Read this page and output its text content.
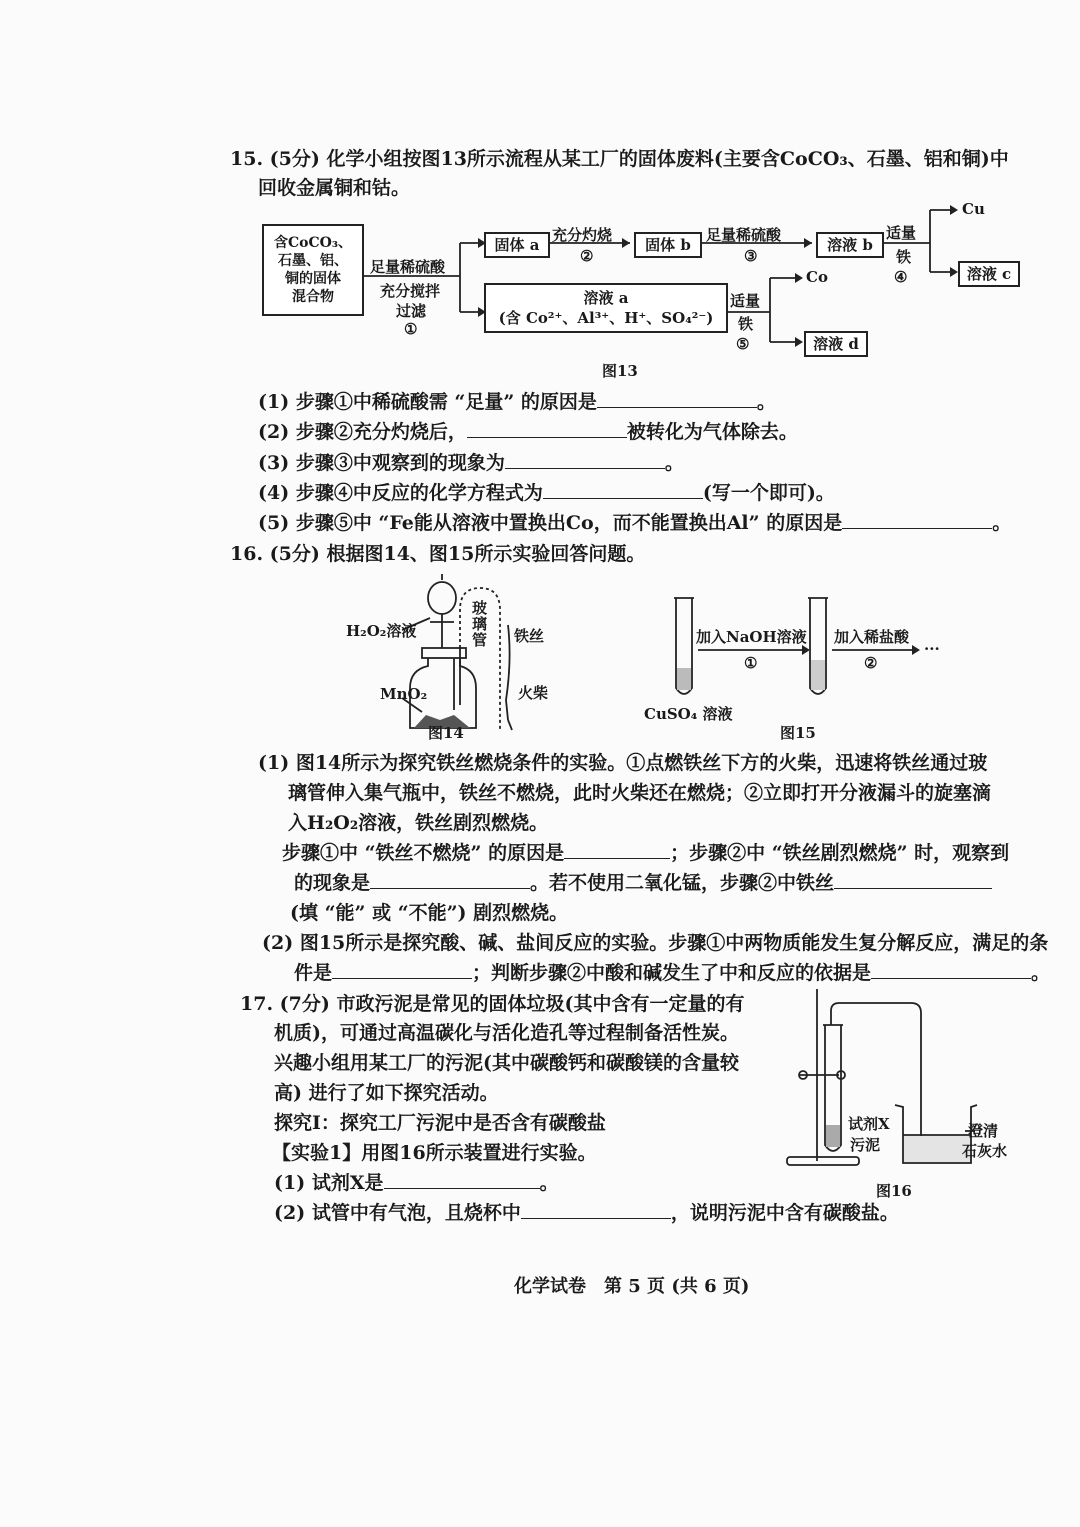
15. (5分) 化学小组按图13所示流程从某工厂的固体废料(主要含CoCO₃、石墨、铝和铜)中
回收金属铜和钴。
含CoCO₃、
石墨、铝、
铜的固体
混合物
足量稀硫酸
充分搅拌
过滤
①
固体 a
充分灼烧
②
固体 b
足量稀硫酸
③
溶液 b
适量
铁
④
Cu
溶液 c
溶液 a
(含 Co²⁺、Al³⁺、H⁺、SO₄²⁻)
适量
铁
⑤
Co
溶液 d
图13
(1) 步骤①中稀硫酸需 “足量” 的原因是	。
(2) 步骤②充分灼烧后，	被转化为气体除去。
(3) 步骤③中观察到的现象为	。
(4) 步骤④中反应的化学方程式为	(写一个即可)。
(5) 步骤⑤中 “Fe能从溶液中置换出Co，而不能置换出Al” 的原因是	。
16. (5分) 根据图14、图15所示实验回答问题。
H₂O₂溶液
玻璃管 铁丝
MnO₂	火柴
图14
加入NaOH溶液
①
加入稀盐酸
②
···
CuSO₄ 溶液
图15
(1) 图14所示为探究铁丝燃烧条件的实验。①点燃铁丝下方的火柴，迅速将铁丝通过玻
璃管伸入集气瓶中，铁丝不燃烧，此时火柴还在燃烧；②立即打开分液漏斗的旋塞滴
入H₂O₂溶液，铁丝剧烈燃烧。
步骤①中 “铁丝不燃烧” 的原因是	；步骤②中 “铁丝剧烈燃烧” 时，观察到
的现象是	。若不使用二氧化锰，步骤②中铁丝
(填 “能” 或 “不能”) 剧烈燃烧。
(2) 图15所示是探究酸、碱、盐间反应的实验。步骤①中两物质能发生复分解反应，满足的条
件是	；判断步骤②中酸和碱发生了中和反应的依据是	。
17. (7分) 市政污泥是常见的固体垃圾(其中含有一定量的有
机质)，可通过高温碳化与活化造孔等过程制备活性炭。
兴趣小组用某工厂的污泥(其中碳酸钙和碳酸镁的含量较
高) 进行了如下探究活动。
探究Ⅰ：探究工厂污泥中是否含有碳酸盐
【实验1】用图16所示装置进行实验。
(1) 试剂X是	。
(2) 试管中有气泡，且烧杯中	，说明污泥中含有碳酸盐。
试剂X
污泥
澄清
石灰水
图16
化学试卷　第 5 页 (共 6 页)
